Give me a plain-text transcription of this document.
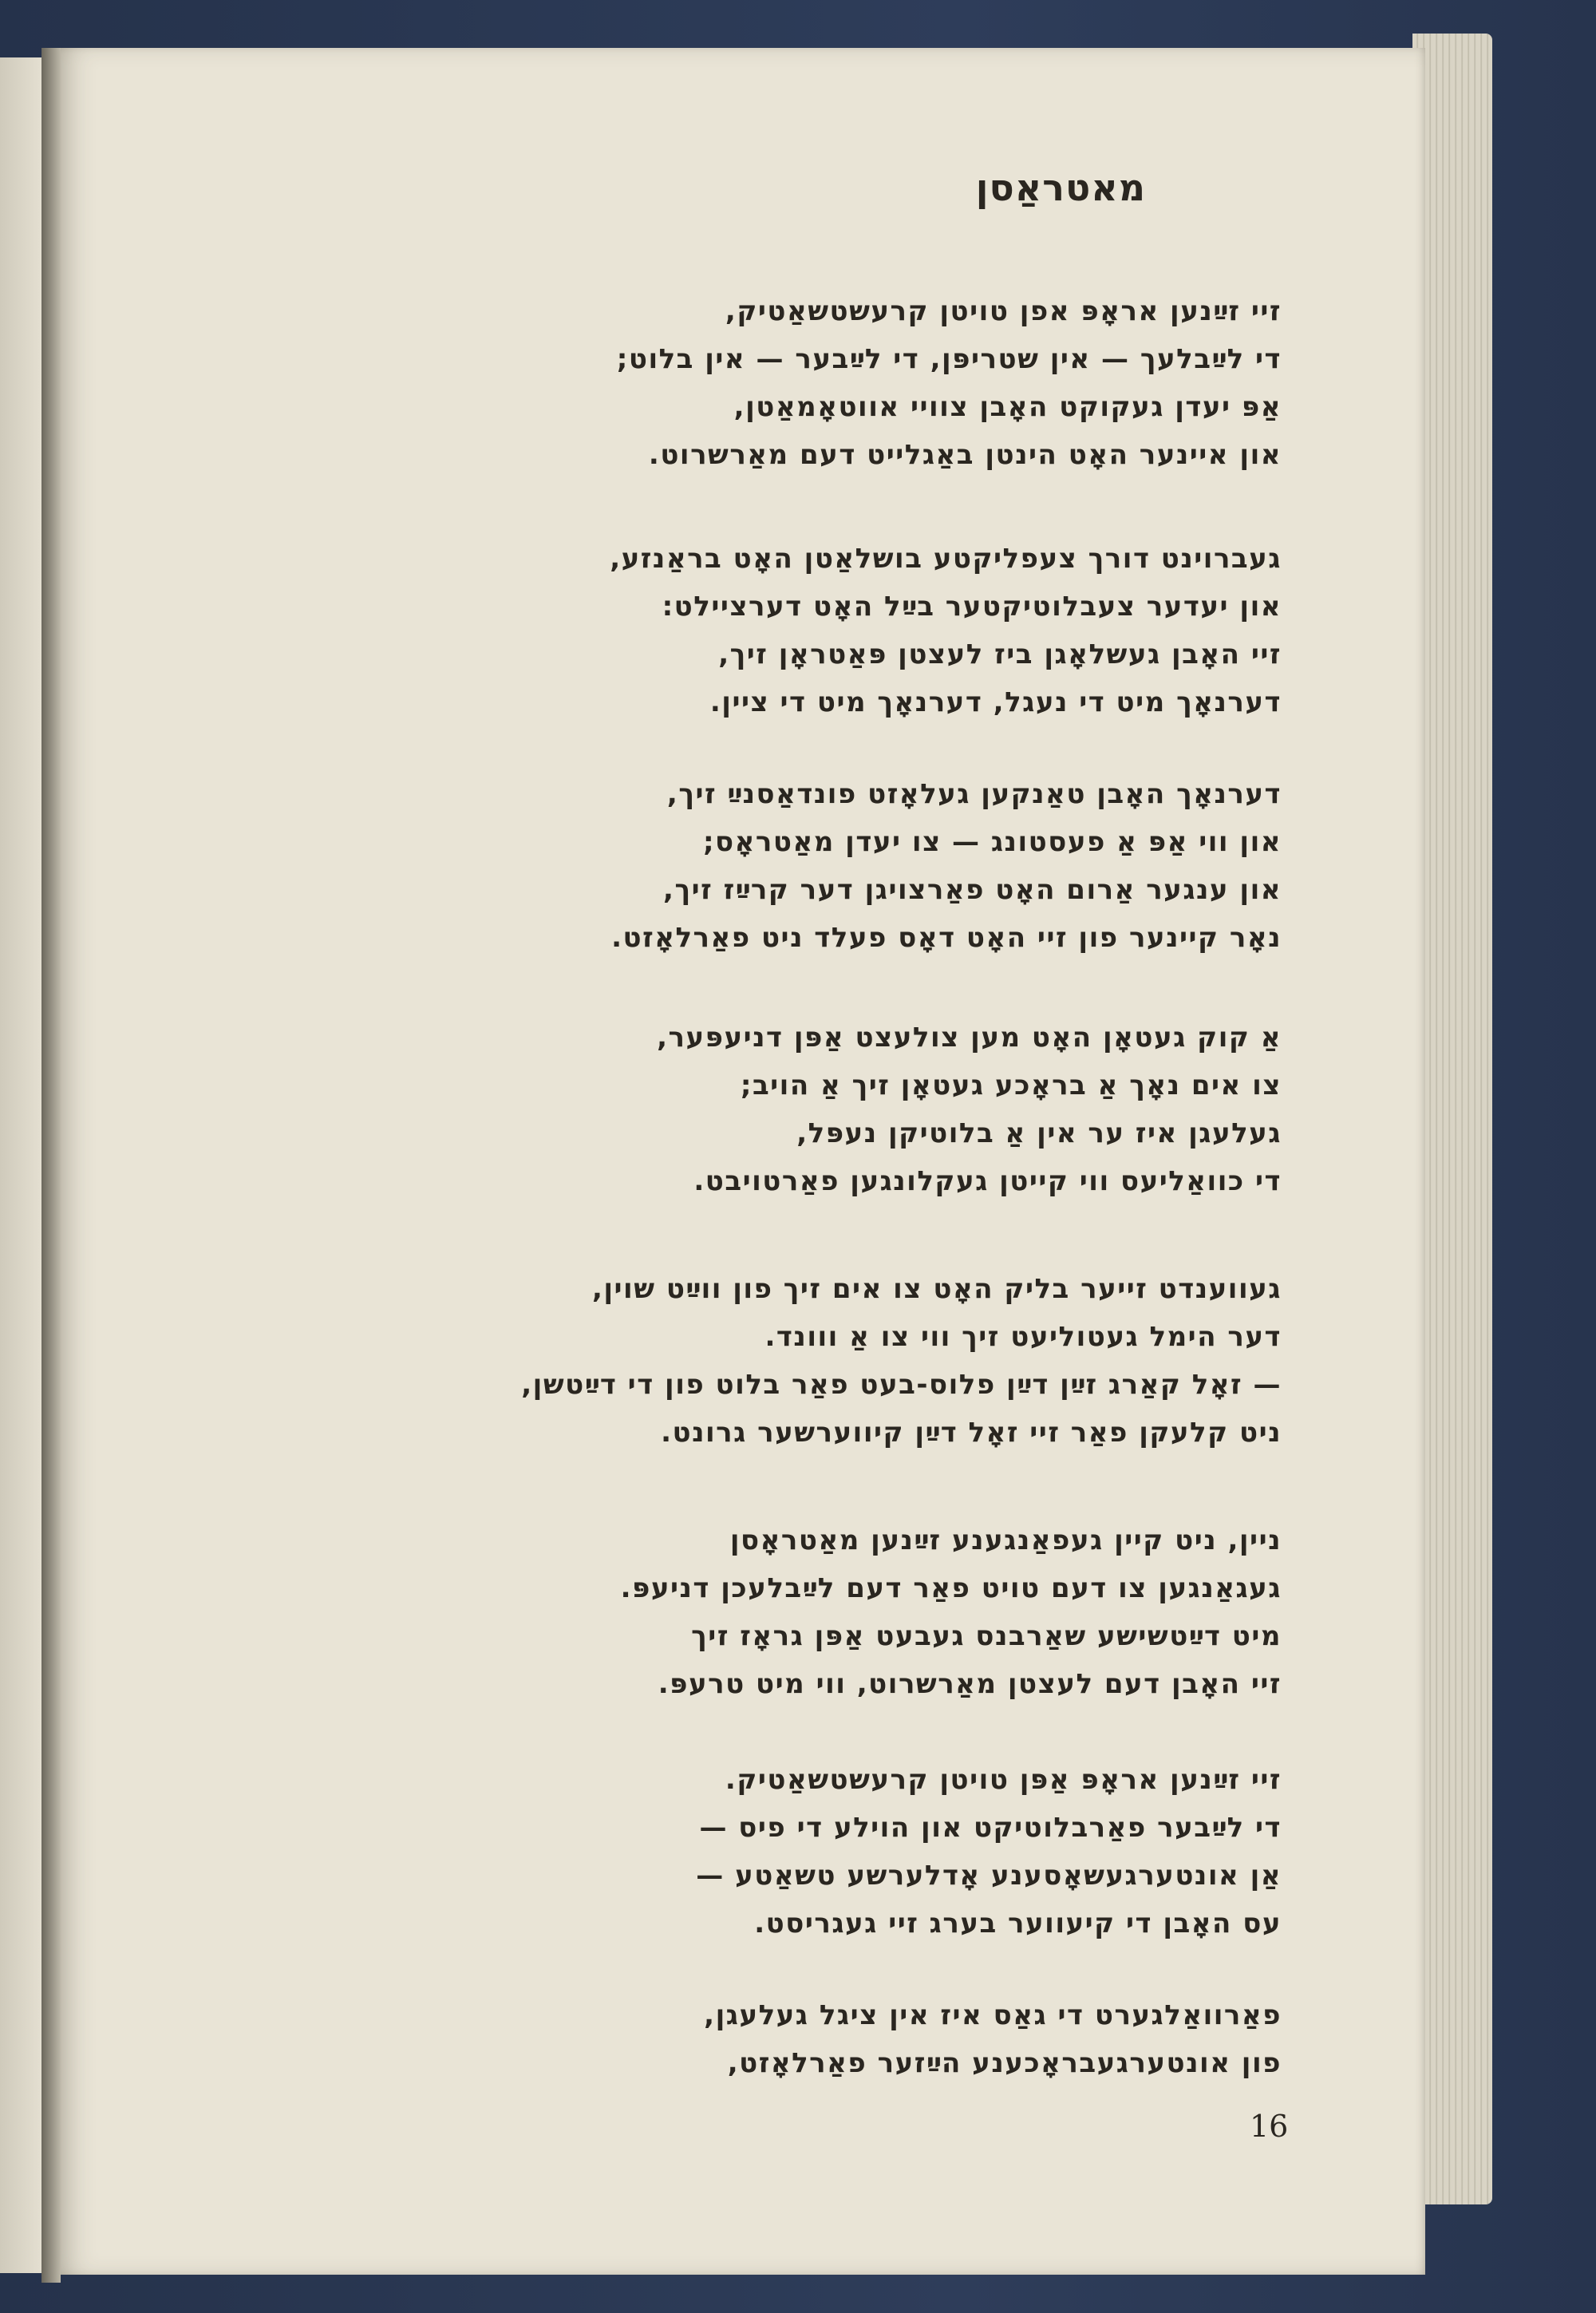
מאטראַסן
זיי זײַנען אראָפּ אפן טויטן קרעשטשאַטיק,
די לײַבלעך — אין שטריפּן, די לײַבער — אין בלוט;
אַפּ יעדן געקוקט האָבן צוויי אווטאָמאַטן,
און איינער האָט הינטן באַגלייט דעם מאַרשרוט.
געברוינט דורך צעפליקטע בושלאַטן האָט בראַנזע,
און יעדער צעבלוטיקטער בײַל האָט דערציילט:
זיי האָבן געשלאָגן ביז לעצטן פּאַטראָן זיך,
דערנאָך מיט די נעגל, דערנאָך מיט די ציין.
דערנאָך האָבן טאַנקען געלאָזט פונדאַסנײַ זיך,
און ווי אַפּ אַ פעסטונג — צו יעדן מאַטראָס;
און ענגער אַרום האָט פאַרצויגן דער קרײַז זיך,
נאָר קיינער פון זיי האָט דאָס פעלד ניט פאַרלאָזט.
אַ קוק געטאָן האָט מען צולעצט אַפּן דניעפּער,
צו אים נאָך אַ בראָכע געטאָן זיך אַ הויב;
געלעגן איז ער אין אַ בלוטיקן נעפּל,
די כוואַליעס ווי קייטן געקלונגען פאַרטויבט.
געווענדט זייער בליק האָט צו אים זיך פון ווײַט שוין,
דער הימל געטוליעט זיך ווי צו אַ ווונד.
— זאָל קאַרג זײַן דײַן פלוס-בעט פאַר בלוט פון די דײַטשן,
ניט קלעקן פאַר זיי זאָל דײַן קיווערשער גרונט.
ניין, ניט קיין געפאַנגענע זײַנען מאַטראָסן
געגאַנגען צו דעם טויט פאַר דעם לײַבלעכן דניעפּ.
מיט דײַטשישע שאַרבנס געבעט אַפּן גראָז זיך
זיי האָבן דעם לעצטן מאַרשרוט, ווי מיט טרעפּ.
זיי זײַנען אראָפּ אַפּן טויטן קרעשטשאַטיק.
די לײַבער פאַרבלוטיקט און הוילע די פיס —
אַן אונטערגעשאָסענע אָדלערשע טשאַטע —
עס האָבן די קיעווער בערג זיי געגריסט.
פאַרוואַלגערט די גאַס איז אין ציגל געלעגן,
פון אונטערגעבראָכענע הײַזער פאַרלאָזט,
16
